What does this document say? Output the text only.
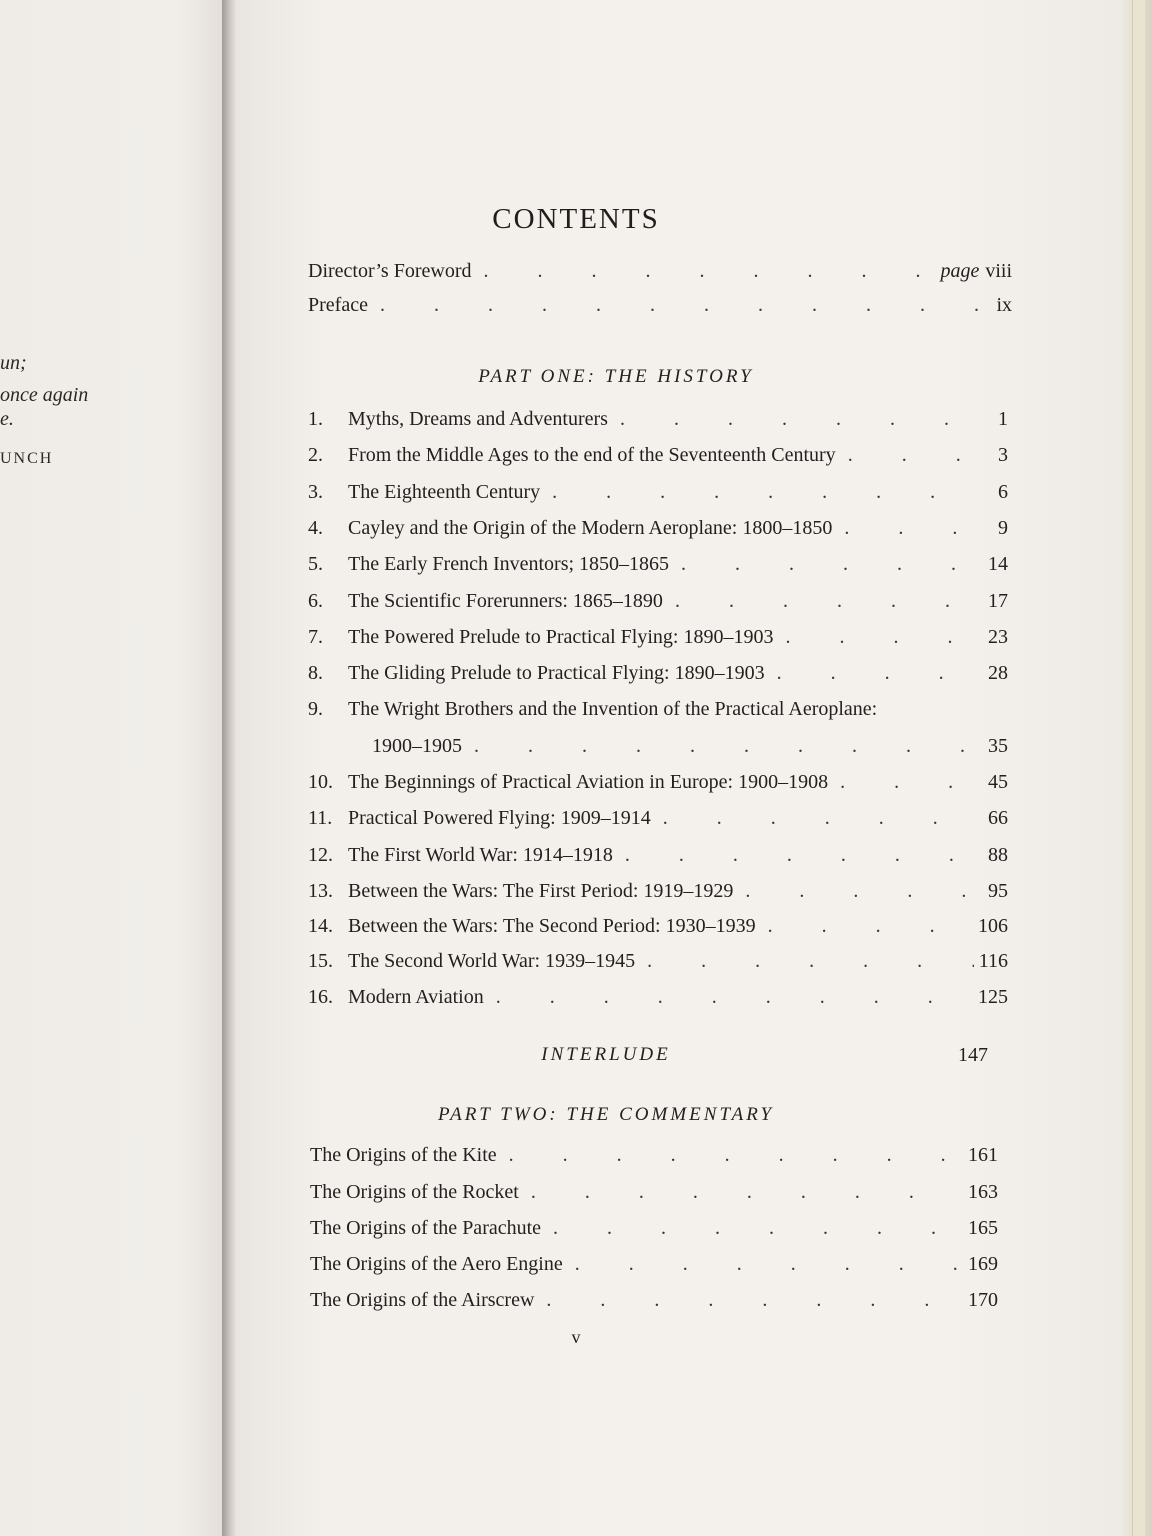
un;
once again
e.
UNCH
CONTENTS
Director’s Foreword . . .	page viii
Preface . . .	ix
PART ONE: THE HISTORY
1. Myths, Dreams and Adventurers . . .	1
2. From the Middle Ages to the end of the Seventeenth Century . . .	3
3. The Eighteenth Century . . .	6
4. Cayley and the Origin of the Modern Aeroplane: 1800–1850 . . .	9
5. The Early French Inventors; 1850–1865 . . .	14
6. The Scientific Forerunners: 1865–1890 . . .	17
7. The Powered Prelude to Practical Flying: 1890–1903 . . .	23
8. The Gliding Prelude to Practical Flying: 1890–1903 . . .	28
9. The Wright Brothers and the Invention of the Practical Aeroplane:
1900–1905 . . .	35
10. The Beginnings of Practical Aviation in Europe: 1900–1908 . . .	45
11. Practical Powered Flying: 1909–1914 . . .	66
12. The First World War: 1914–1918 . . .	88
13. Between the Wars: The First Period: 1919–1929 . . .	95
14. Between the Wars: The Second Period: 1930–1939 . . .	106
15. The Second World War: 1939–1945 . . .	116
16. Modern Aviation . . .	125
INTERLUDE	147
PART TWO: THE COMMENTARY
The Origins of the Kite . . .	161
The Origins of the Rocket . . .	163
The Origins of the Parachute . . .	165
The Origins of the Aero Engine . . .	169
The Origins of the Airscrew . . .	170
v
